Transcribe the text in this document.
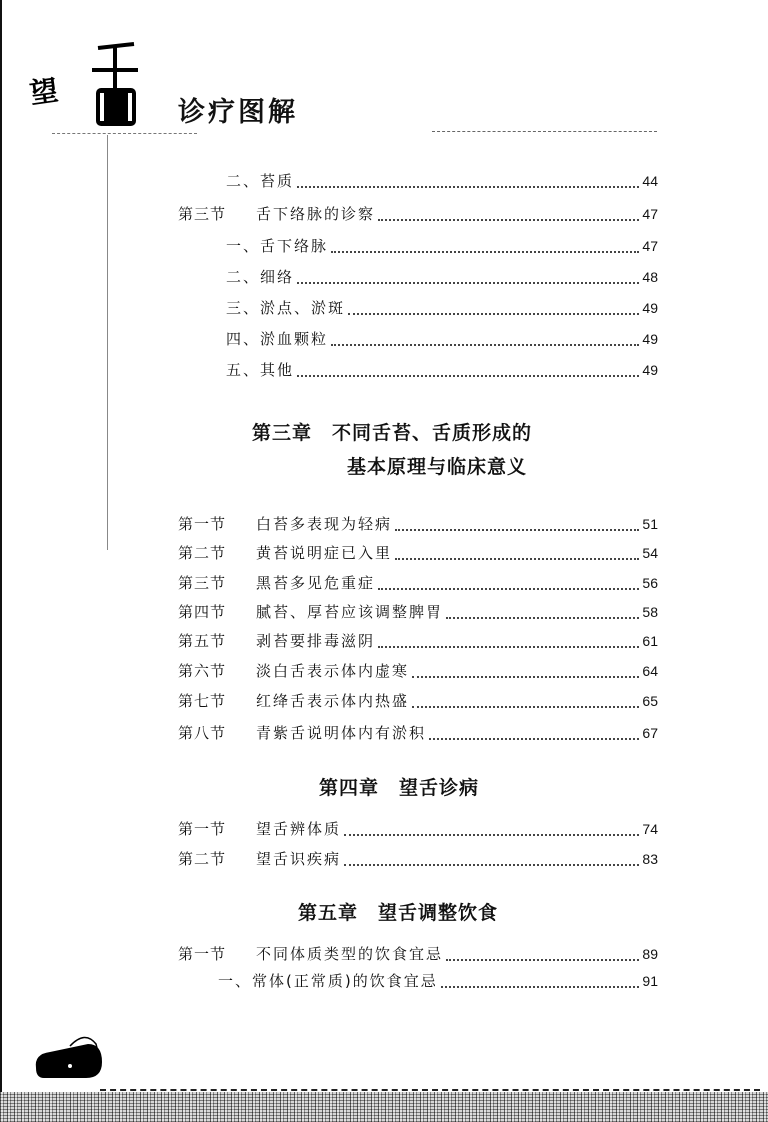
望
诊疗图解
二、苔质	44
第三节	舌下络脉的诊察	47
一、舌下络脉	47
二、细络	48
三、淤点、淤斑	49
四、淤血颗粒	49
五、其他	49
第三章 不同舌苔、舌质形成的
基本原理与临床意义
第一节	白苔多表现为轻病	51
第二节	黄苔说明症已入里	54
第三节	黑苔多见危重症	56
第四节	腻苔、厚苔应该调整脾胃	58
第五节	剥苔要排毒滋阴	61
第六节	淡白舌表示体内虚寒	64
第七节	红绛舌表示体内热盛	65
第八节	青紫舌说明体内有淤积	67
第四章 望舌诊病
第一节	望舌辨体质	74
第二节	望舌识疾病	83
第五章 望舌调整饮食
第一节	不同体质类型的饮食宜忌	89
一、常体(正常质)的饮食宜忌	91
